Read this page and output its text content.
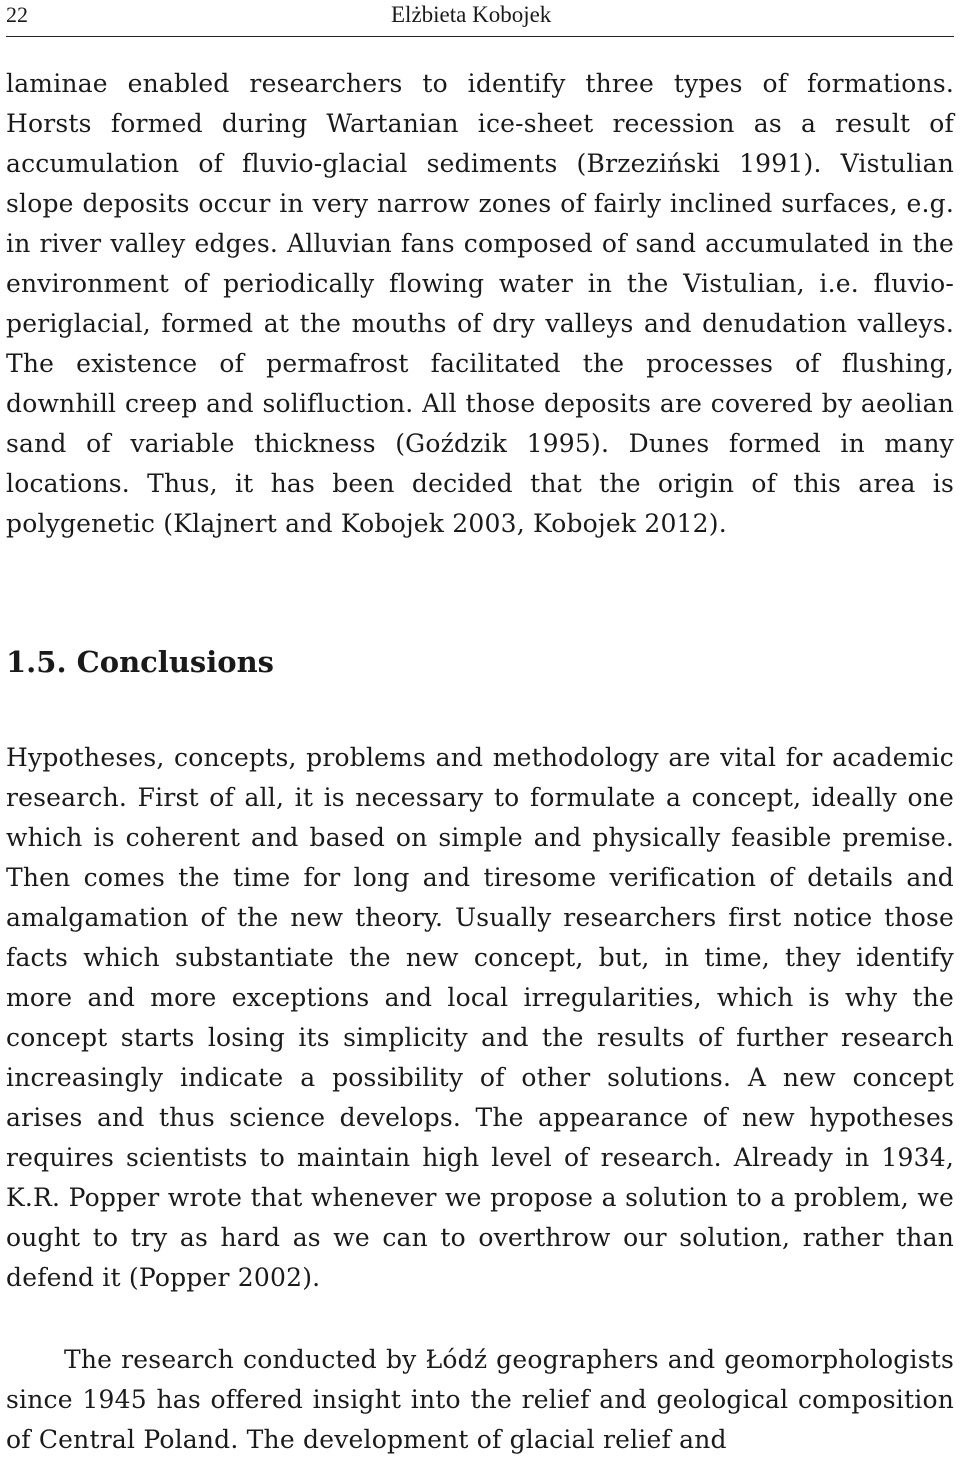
22	Elżbieta Kobojek

laminae enabled researchers to identify three types of formations. Horsts formed during Wartanian ice-sheet recession as a result of accumulation of fluvio-glacial sediments (Brzeziński 1991). Vistulian slope deposits occur in very narrow zones of fairly inclined surfaces, e.g. in river valley edges. Alluvian fans composed of sand accumulated in the environment of periodically flowing water in the Vistulian, i.e. fluvio-periglacial, formed at the mouths of dry valleys and denudation valleys. The existence of permafrost facilitated the processes of flushing, downhill creep and solifluction. All those deposits are covered by aeolian sand of variable thickness (Goździk 1995). Dunes formed in many locations. Thus, it has been decided that the origin of this area is polygenetic (Klajnert and Kobojek 2003, Kobojek 2012).

1.5. Conclusions

Hypotheses, concepts, problems and methodology are vital for academic research. First of all, it is necessary to formulate a concept, ideally one which is coherent and based on simple and physically feasible premise. Then comes the time for long and tiresome verification of details and amalgamation of the new theory. Usually researchers first notice those facts which substantiate the new concept, but, in time, they identify more and more exceptions and local irregularities, which is why the concept starts losing its simplicity and the results of further research increasingly indicate a possibility of other solutions. A new concept arises and thus science develops. The appearance of new hypotheses requires scientists to maintain high level of research. Already in 1934, K.R. Popper wrote that whenever we propose a solution to a problem, we ought to try as hard as we can to overthrow our solution, rather than defend it (Popper 2002).

The research conducted by Łódź geographers and geomorphologists since 1945 has offered insight into the relief and geological composition of Central Poland. The development of glacial relief and
